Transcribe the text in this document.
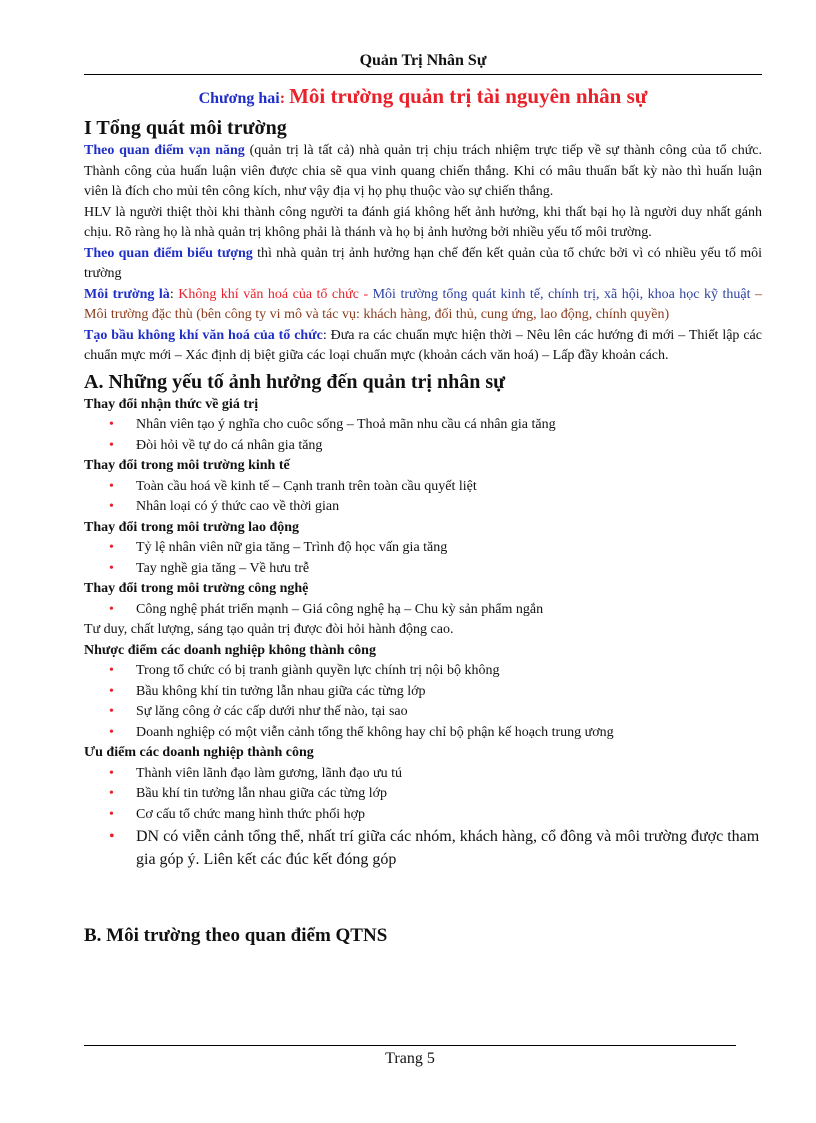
Quản Trị Nhân Sự

Chương hai: Môi trường quản trị tài nguyên nhân sự

I Tổng quát môi trường

Theo quan điểm vạn năng (quản trị là tất cả) nhà quản trị chịu trách nhiệm trực tiếp về sự thành công của tổ chức. Thành công của huấn luận viên được chia sẽ qua vinh quang chiến thắng. Khi có mâu thuẩn bất kỳ nào thì huấn luận viên là đích cho mủi tên công kích, như vậy địa vị họ phụ thuộc vào sự chiến thắng.

HLV là người thiệt thòi khi thành công người ta đánh giá không hết ảnh hưởng, khi thất bại họ là người duy nhất gánh chịu. Rõ ràng họ là nhà quản trị không phải là thánh và họ bị ảnh hưởng bởi nhiều yếu tố môi trường.

Theo quan điểm biểu tượng thì nhà quản trị ảnh hưởng hạn chế đến kết quản của tổ chức bởi vì có nhiều yếu tố môi trường

Môi trường là: Không khí văn hoá của tổ chức - Môi trường tổng quát kinh tế, chính trị, xã hội, khoa học kỹ thuật – Môi trường đặc thù (bên công ty vi mô và tác vụ: khách hàng, đối thủ, cung ứng, lao động, chính quyền)

Tạo bầu không khí văn hoá của tổ chức: Đưa ra các chuẩn mực hiện thời – Nêu lên các hướng đi mới – Thiết lập các chuẩn mực mới – Xác định dị biệt giữa các loại chuẩn mực (khoản cách văn hoá) – Lấp đầy khoản cách.

A. Những yếu tố ảnh hưởng đến quản trị nhân sự
Thay đổi nhận thức về giá trị
• Nhân viên tạo ý nghĩa cho cuôc sống – Thoả mãn nhu cầu cá nhân gia tăng
• Đòi hỏi về tự do cá nhân gia tăng
Thay đổi trong môi trường kinh tế
• Toàn cầu hoá về kinh tế – Cạnh tranh trên toàn cầu quyết liệt
• Nhân loại có ý thức cao về thời gian
Thay đổi trong môi trường lao động
• Tỷ lệ nhân viên nữ gia tăng – Trình độ học vấn gia tăng
• Tay nghề gia tăng – Về hưu trễ
Thay đổi trong môi trường công nghệ
• Công nghệ phát triển mạnh – Giá công nghệ hạ – Chu kỳ sản phẩm ngắn

Tư duy, chất lượng, sáng tạo quản trị được đòi hỏi hành động cao.

Nhược điểm các doanh nghiệp không thành công
• Trong tổ chức có bị tranh giành quyền lực chính trị nội bộ không
• Bầu không khí tin tưởng lẫn nhau giữa các từng lớp
• Sự lăng công ở các cấp dưới như thế nào, tại sao
• Doanh nghiệp có một viễn cảnh tổng thể không hay chỉ bộ phận kế hoạch trung ương
Ưu điểm các doanh nghiệp thành công
• Thành viên lãnh đạo làm gương, lãnh đạo ưu tú
• Bầu khí tin tưởng lẫn nhau giữa các từng lớp
• Cơ cấu tổ chức mang hình thức phối hợp
• DN có viễn cảnh tổng thể, nhất trí giữa các nhóm, khách hàng, cổ đông và môi trường được tham gia góp ý. Liên kết các đúc kết đóng góp
B. Môi trường theo quan điểm QTNS
Trang 5
